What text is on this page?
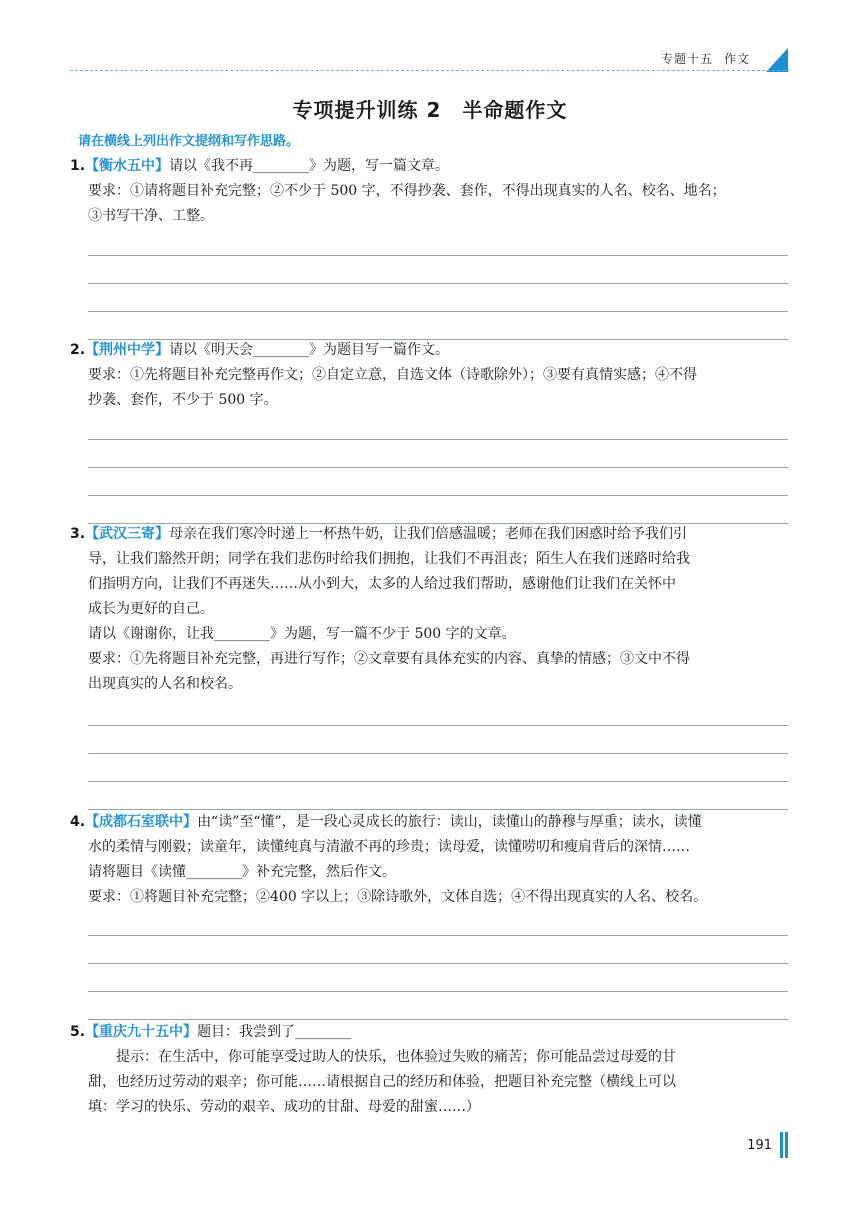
专题十五 作文
专项提升训练 2　半命题作文
请在横线上列出作文提纲和写作思路。

1.【衡水五中】请以《我不再________》为题，写一篇文章。

要求：①请将题目补充完整；②不少于 500 字，不得抄袭、套作，不得出现真实的人名、校名、地名；

③书写干净、工整。

2.【荆州中学】请以《明天会________》为题目写一篇作文。

要求：①先将题目补充完整再作文；②自定立意，自选文体（诗歌除外）；③要有真情实感；④不得

抄袭、套作，不少于 500 字。

3.【武汉三寄】母亲在我们寒冷时递上一杯热牛奶，让我们倍感温暖；老师在我们困惑时给予我们引

导，让我们豁然开朗；同学在我们悲伤时给我们拥抱，让我们不再沮丧；陌生人在我们迷路时给我

们指明方向，让我们不再迷失……从小到大，太多的人给过我们帮助，感谢他们让我们在关怀中

成长为更好的自己。

请以《谢谢你，让我________》为题，写一篇不少于 500 字的文章。

要求：①先将题目补充完整，再进行写作；②文章要有具体充实的内容、真挚的情感；③文中不得

出现真实的人名和校名。

4.【成都石室联中】由“读”至“懂”，是一段心灵成长的旅行：读山，读懂山的静穆与厚重；读水，读懂

水的柔情与刚毅；读童年，读懂纯真与清澈不再的珍贵；读母爱，读懂唠叨和瘦肩背后的深情……

请将题目《读懂________》补充完整，然后作文。

要求：①将题目补充完整；②400 字以上；③除诗歌外，文体自选；④不得出现真实的人名、校名。

5.【重庆九十五中】题目：我尝到了________

提示：在生活中，你可能享受过助人的快乐，也体验过失败的痛苦；你可能品尝过母爱的甘

甜，也经历过劳动的艰辛；你可能……请根据自己的经历和体验，把题目补充完整（横线上可以

填：学习的快乐、劳动的艰辛、成功的甘甜、母爱的甜蜜……）

191
